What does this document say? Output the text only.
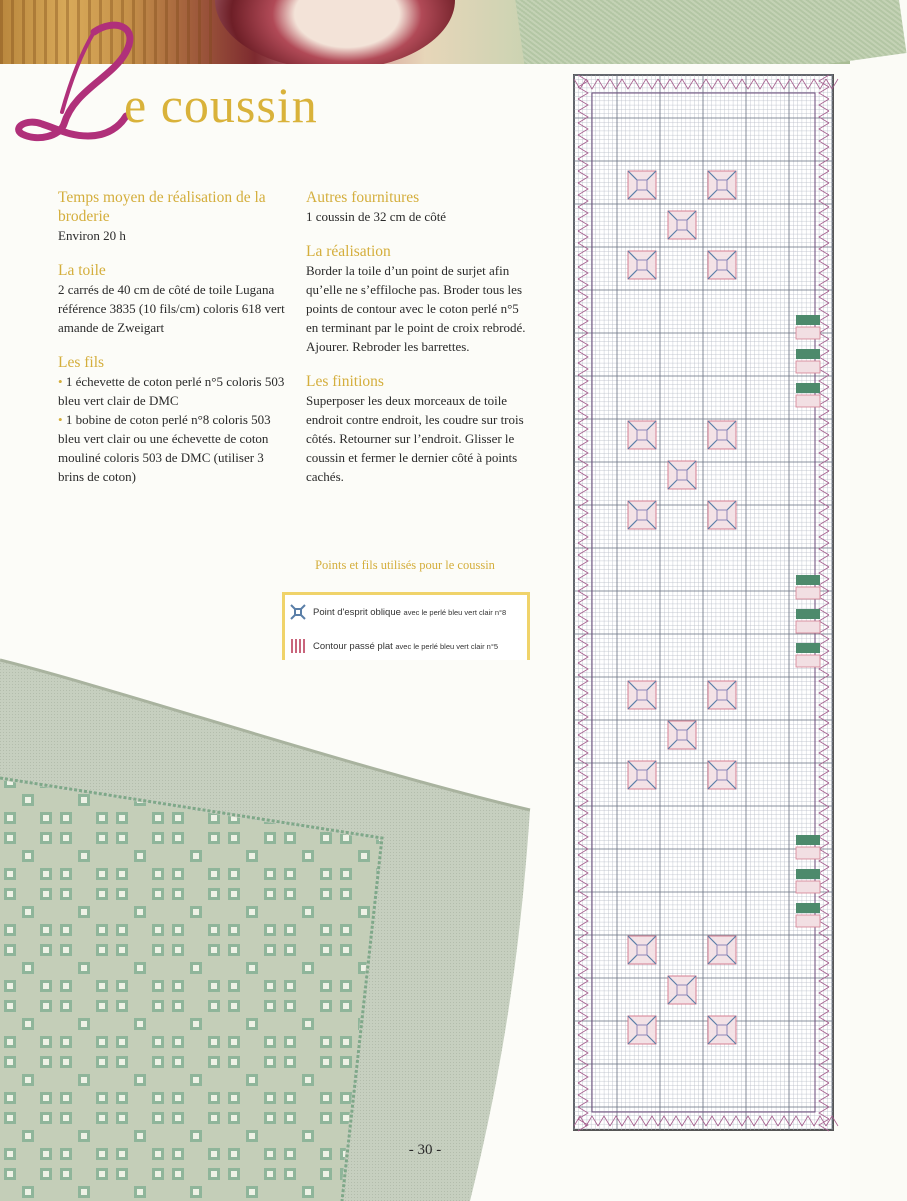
e coussin

Temps moyen de réalisation de la broderie

Environ 20 h

La toile

2 carrés de 40 cm de côté de toile Lugana référence 3835 (10 fils/cm) coloris 618 vert amande de Zweigart

Les fils

• 1 échevette de coton perlé n°5 coloris 503 bleu vert clair de DMC

• 1 bobine de coton perlé n°8 coloris 503 bleu vert clair ou une échevette de coton mouliné coloris 503 de DMC (utiliser 3 brins de coton)

Autres fournitures

1 coussin de 32 cm de côté

La réalisation

Border la toile d’un point de surjet afin qu’elle ne s’effiloche pas. Broder tous les points de contour avec le coton perlé n°5 en terminant par le point de croix rebrodé. Ajourer. Rebroder les barrettes.

Les finitions

Superposer les deux morceaux de toile endroit contre endroit, les coudre sur trois côtés. Retourner sur l’endroit. Glisser le coussin et fermer le dernier côté à points cachés.

Points et fils utilisés pour le coussin
Point d'esprit oblique
avec le perlé bleu vert clair n°8
Contour passé plat
avec le perlé bleu vert clair n°5

- 30 -
